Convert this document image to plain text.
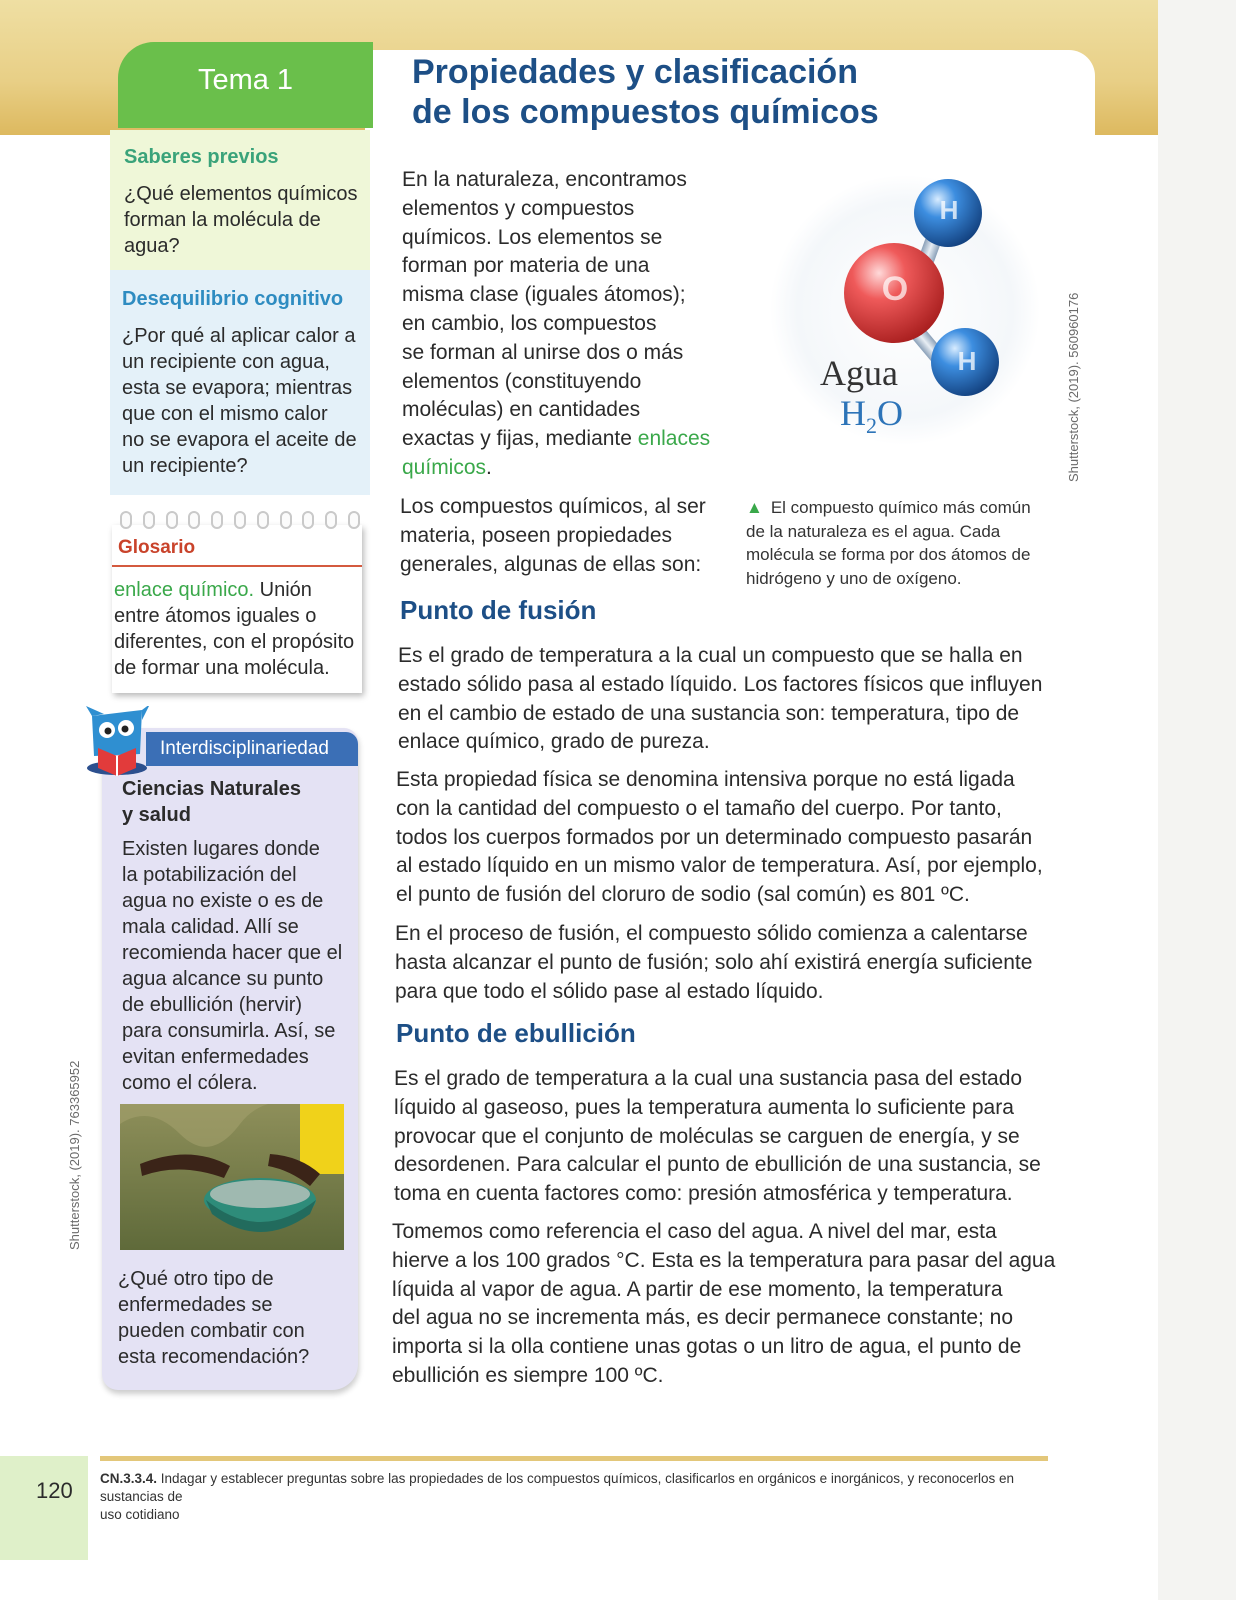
Tema 1	Propiedades y clasificación
de los compuestos químicos
Saberes previos
¿Qué elementos químicos
forman la molécula de
agua?
Desequilibrio cognitivo
¿Por qué al aplicar calor a
un recipiente con agua,
esta se evapora; mientras
que con el mismo calor
no se evapora el aceite de
un recipiente?
Glosario
enlace químico. Unión
entre átomos iguales o
diferentes, con el propósito
de formar una molécula.
Interdisciplinariedad
Ciencias Naturales
y salud
Existen lugares donde
la potabilización del
agua no existe o es de
mala calidad. Allí se
recomienda hacer que el
agua alcance su punto
de ebullición (hervir)
para consumirla. Así, se
evitan enfermedades
como el cólera.
¿Qué otro tipo de
enfermedades se
pueden combatir con
esta recomendación?
Shutterstock, (2019). 560960176
Shutterstock, (2019). 763365952
En la naturaleza, encontramos
elementos y compuestos
químicos. Los elementos se
forman por materia de una
misma clase (iguales átomos);
en cambio, los compuestos
se forman al unirse dos o más
elementos (constituyendo
moléculas) en cantidades
exactas y fijas, mediante enlaces
químicos.
Los compuestos químicos, al ser
materia, poseen propiedades
generales, algunas de ellas son:
O
H
H
Agua
$H_2O$
▲ El compuesto químico más común
de la naturaleza es el agua. Cada
molécula se forma por dos átomos de
hidrógeno y uno de oxígeno.
Punto de fusión
Es el grado de temperatura a la cual un compuesto que se halla en
estado sólido pasa al estado líquido. Los factores físicos que influyen
en el cambio de estado de una sustancia son: temperatura, tipo de
enlace químico, grado de pureza.
Esta propiedad física se denomina intensiva porque no está ligada
con la cantidad del compuesto o el tamaño del cuerpo. Por tanto,
todos los cuerpos formados por un determinado compuesto pasarán
al estado líquido en un mismo valor de temperatura. Así, por ejemplo,
el punto de fusión del cloruro de sodio (sal común) es 801 ºC.
En el proceso de fusión, el compuesto sólido comienza a calentarse
hasta alcanzar el punto de fusión; solo ahí existirá energía suficiente
para que todo el sólido pase al estado líquido.
Punto de ebullición
Es el grado de temperatura a la cual una sustancia pasa del estado
líquido al gaseoso, pues la temperatura aumenta lo suficiente para
provocar que el conjunto de moléculas se carguen de energía, y se
desordenen. Para calcular el punto de ebullición de una sustancia, se
toma en cuenta factores como: presión atmosférica y temperatura.
Tomemos como referencia el caso del agua. A nivel del mar, esta
hierve a los 100 grados °C. Esta es la temperatura para pasar del agua
líquida al vapor de agua. A partir de ese momento, la temperatura
del agua no se incrementa más, es decir permanece constante; no
importa si la olla contiene unas gotas o un litro de agua, el punto de
ebullición es siempre 100 ºC.
120 CN.3.3.4. Indagar y establecer preguntas sobre las propiedades de los compuestos químicos, clasificarlos en orgánicos e inorgánicos, y reconocerlos en sustancias de
uso cotidiano
